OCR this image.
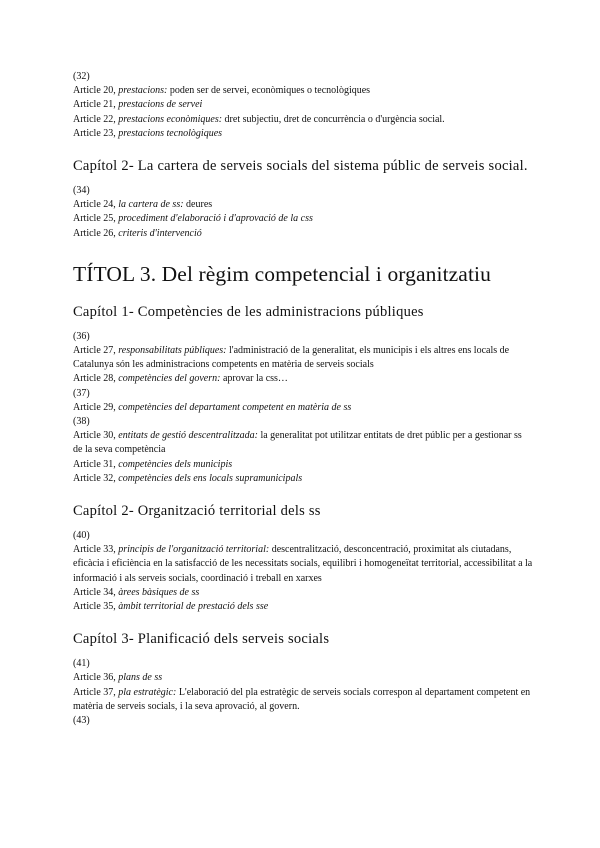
(32)

Article 20, prestacions: poden ser de servei, econòmiques o tecnològiques

Article 21, prestacions de servei

Article 22, prestacions econòmiques: dret subjectiu, dret de concurrència o d'urgència social.

Article 23, prestacions tecnològiques

Capítol 2- La cartera de serveis socials del sistema públic de serveis social.

(34)

Article 24, la cartera de ss: deures

Article 25, procediment d'elaboració i d'aprovació de la css

Article 26, criteris d'intervenció

TÍTOL 3. Del règim competencial i organitzatiu
Capítol 1- Competències de les administracions públiques

(36)

Article 27, responsabilitats públiques: l'administració de la generalitat, els municipis i els altres ens locals de Catalunya són les administracions competents en matèria de serveis socials

Article 28, competències del govern: aprovar la css…

(37)

Article 29, competències del departament competent en matèria de ss

(38)

Article 30, entitats de gestió descentralitzada: la generalitat pot utilitzar entitats de dret públic per a gestionar ss de la seva competència

Article 31, competències dels municipis

Article 32, competències dels ens locals supramunicipals

Capítol 2- Organització territorial dels ss

(40)

Article 33, principis de l'organització territorial: descentralització, desconcentració, proximitat als ciutadans, eficàcia i eficiència en la satisfacció de les necessitats socials, equilibri i homogeneïtat territorial, accessibilitat a la informació i als serveis socials, coordinació i treball en xarxes

Article 34, àrees bàsiques de ss

Article 35, àmbit territorial de prestació dels sse

Capítol 3- Planificació dels serveis socials

(41)

Article 36, plans de ss

Article 37, pla estratègic: L'elaboració del pla estratègic de serveis socials correspon al departament competent en matèria de serveis socials, i la seva aprovació, al govern.

(43)
